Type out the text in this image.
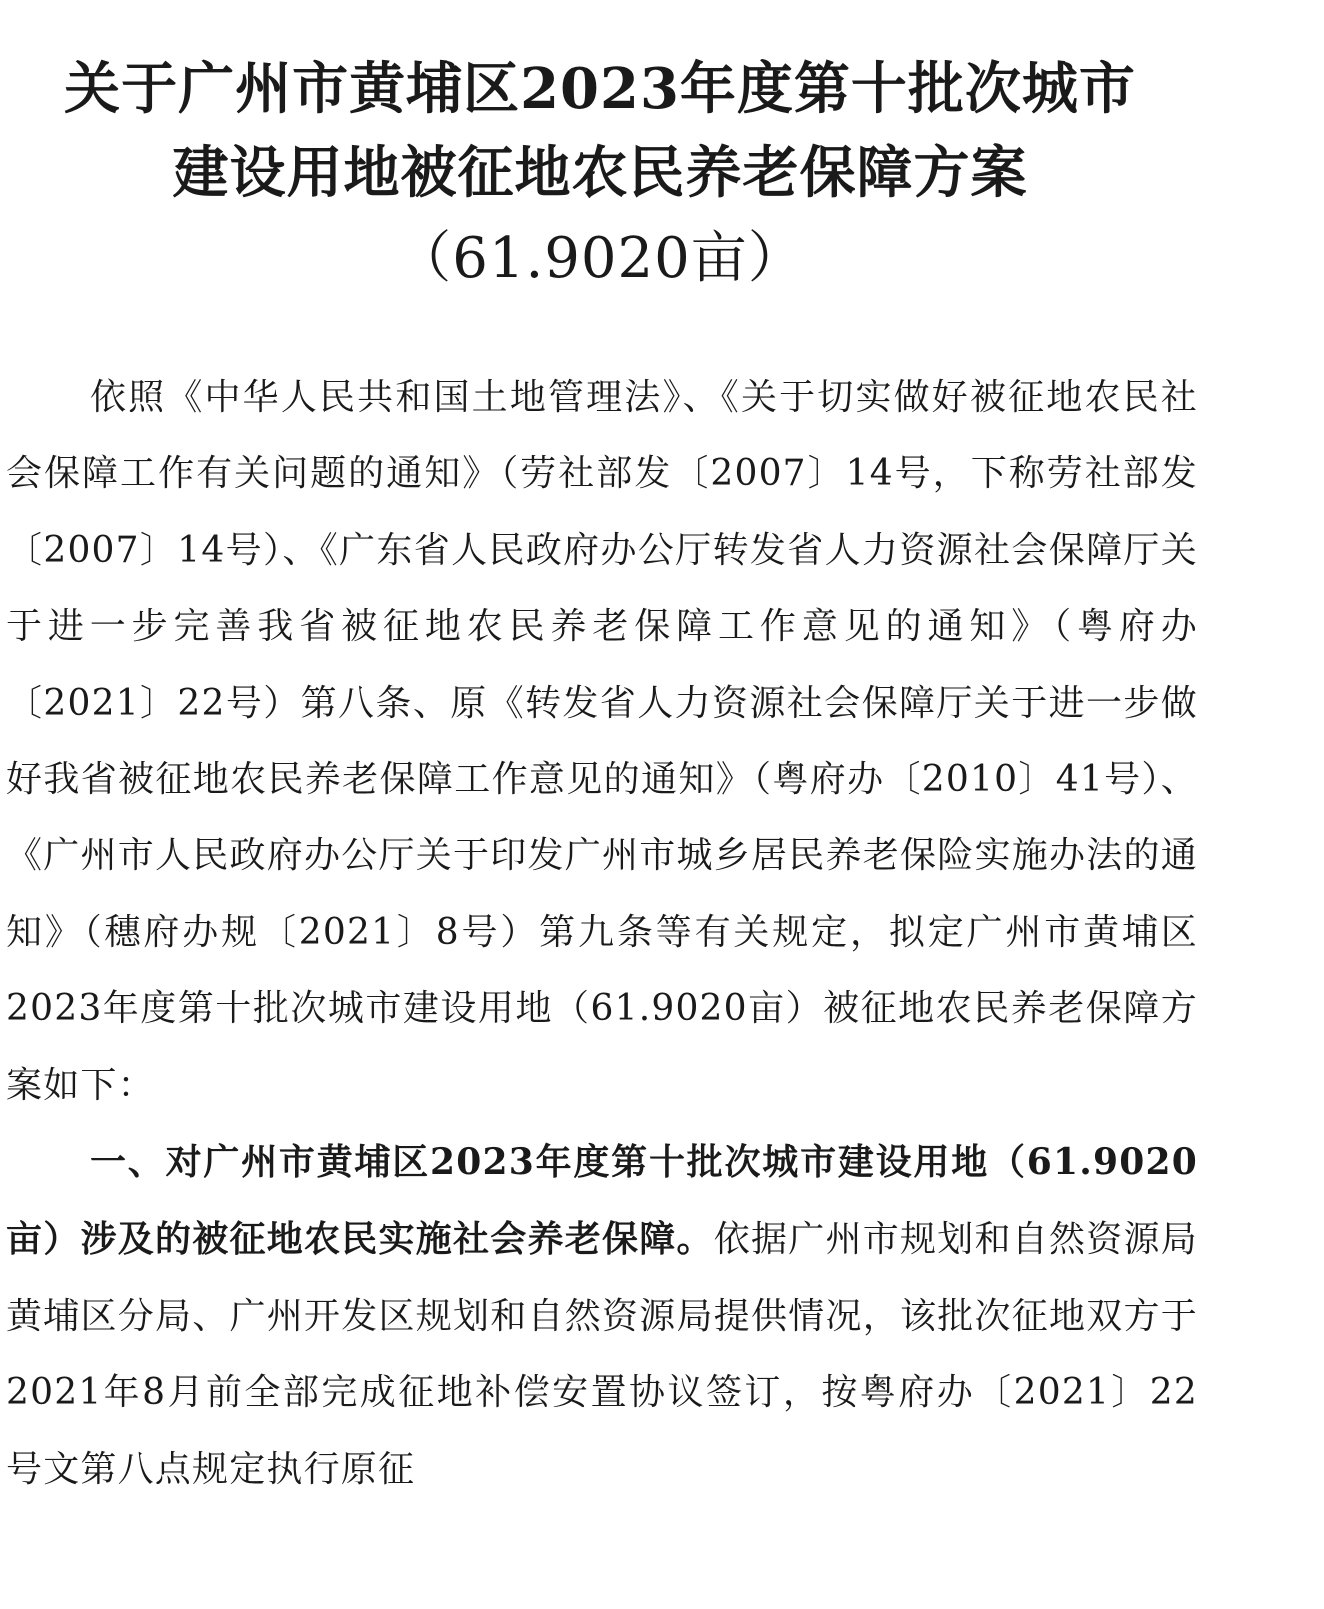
关于广州市黄埔区2023年度第十批次城市
建设用地被征地农民养老保障方案
（61.9020亩）

依照《中华人民共和国土地管理法》、《关于切实做好被征地农民社会保障工作有关问题的通知》（劳社部发〔2007〕14号，下称劳社部发〔2007〕14号）、《广东省人民政府办公厅转发省人力资源社会保障厅关于进一步完善我省被征地农民养老保障工作意见的通知》（粤府办〔2021〕22号）第八条、原《转发省人力资源社会保障厅关于进一步做好我省被征地农民养老保障工作意见的通知》（粤府办〔2010〕41号）、《广州市人民政府办公厅关于印发广州市城乡居民养老保险实施办法的通知》（穗府办规〔2021〕8号）第九条等有关规定，拟定广州市黄埔区2023年度第十批次城市建设用地（61.9020亩）被征地农民养老保障方案如下：

一、对广州市黄埔区2023年度第十批次城市建设用地（61.9020亩）涉及的被征地农民实施社会养老保障。依据广州市规划和自然资源局黄埔区分局、广州开发区规划和自然资源局提供情况，该批次征地双方于2021年8月前全部完成征地补偿安置协议签订，按粤府办〔2021〕22号文第八点规定执行原征
